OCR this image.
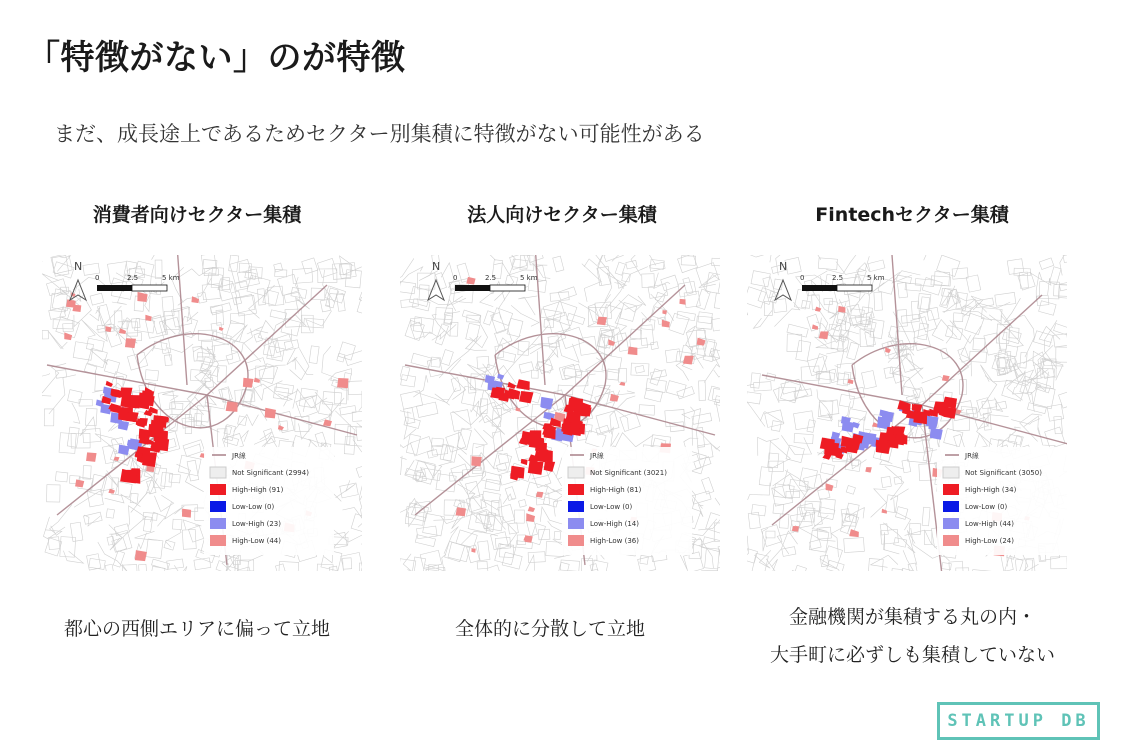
「特徴がない」のが特徴
まだ、成長途上であるためセクター別集積に特徴がない可能性がある
消費者向けセクター集積
N
0	2.5	5 km
JR線
Not Significant (2994)
High-High (91)
Low-Low (0)
Low-High (23)
High-Low (44)
法人向けセクター集積
N
0	2.5	5 km
JR線
Not Significant (3021)
High-High (81)
Low-Low (0)
Low-High (14)
High-Low (36)
Fintechセクター集積
N
0	2.5	5 km
JR線
Not Significant (3050)
High-High (34)
Low-Low (0)
Low-High (44)
High-Low (24)
都心の西側エリアに偏って立地	全体的に分散して立地
金融機関が集積する丸の内・
大手町に必ずしも集積していない
STARTUP DB
